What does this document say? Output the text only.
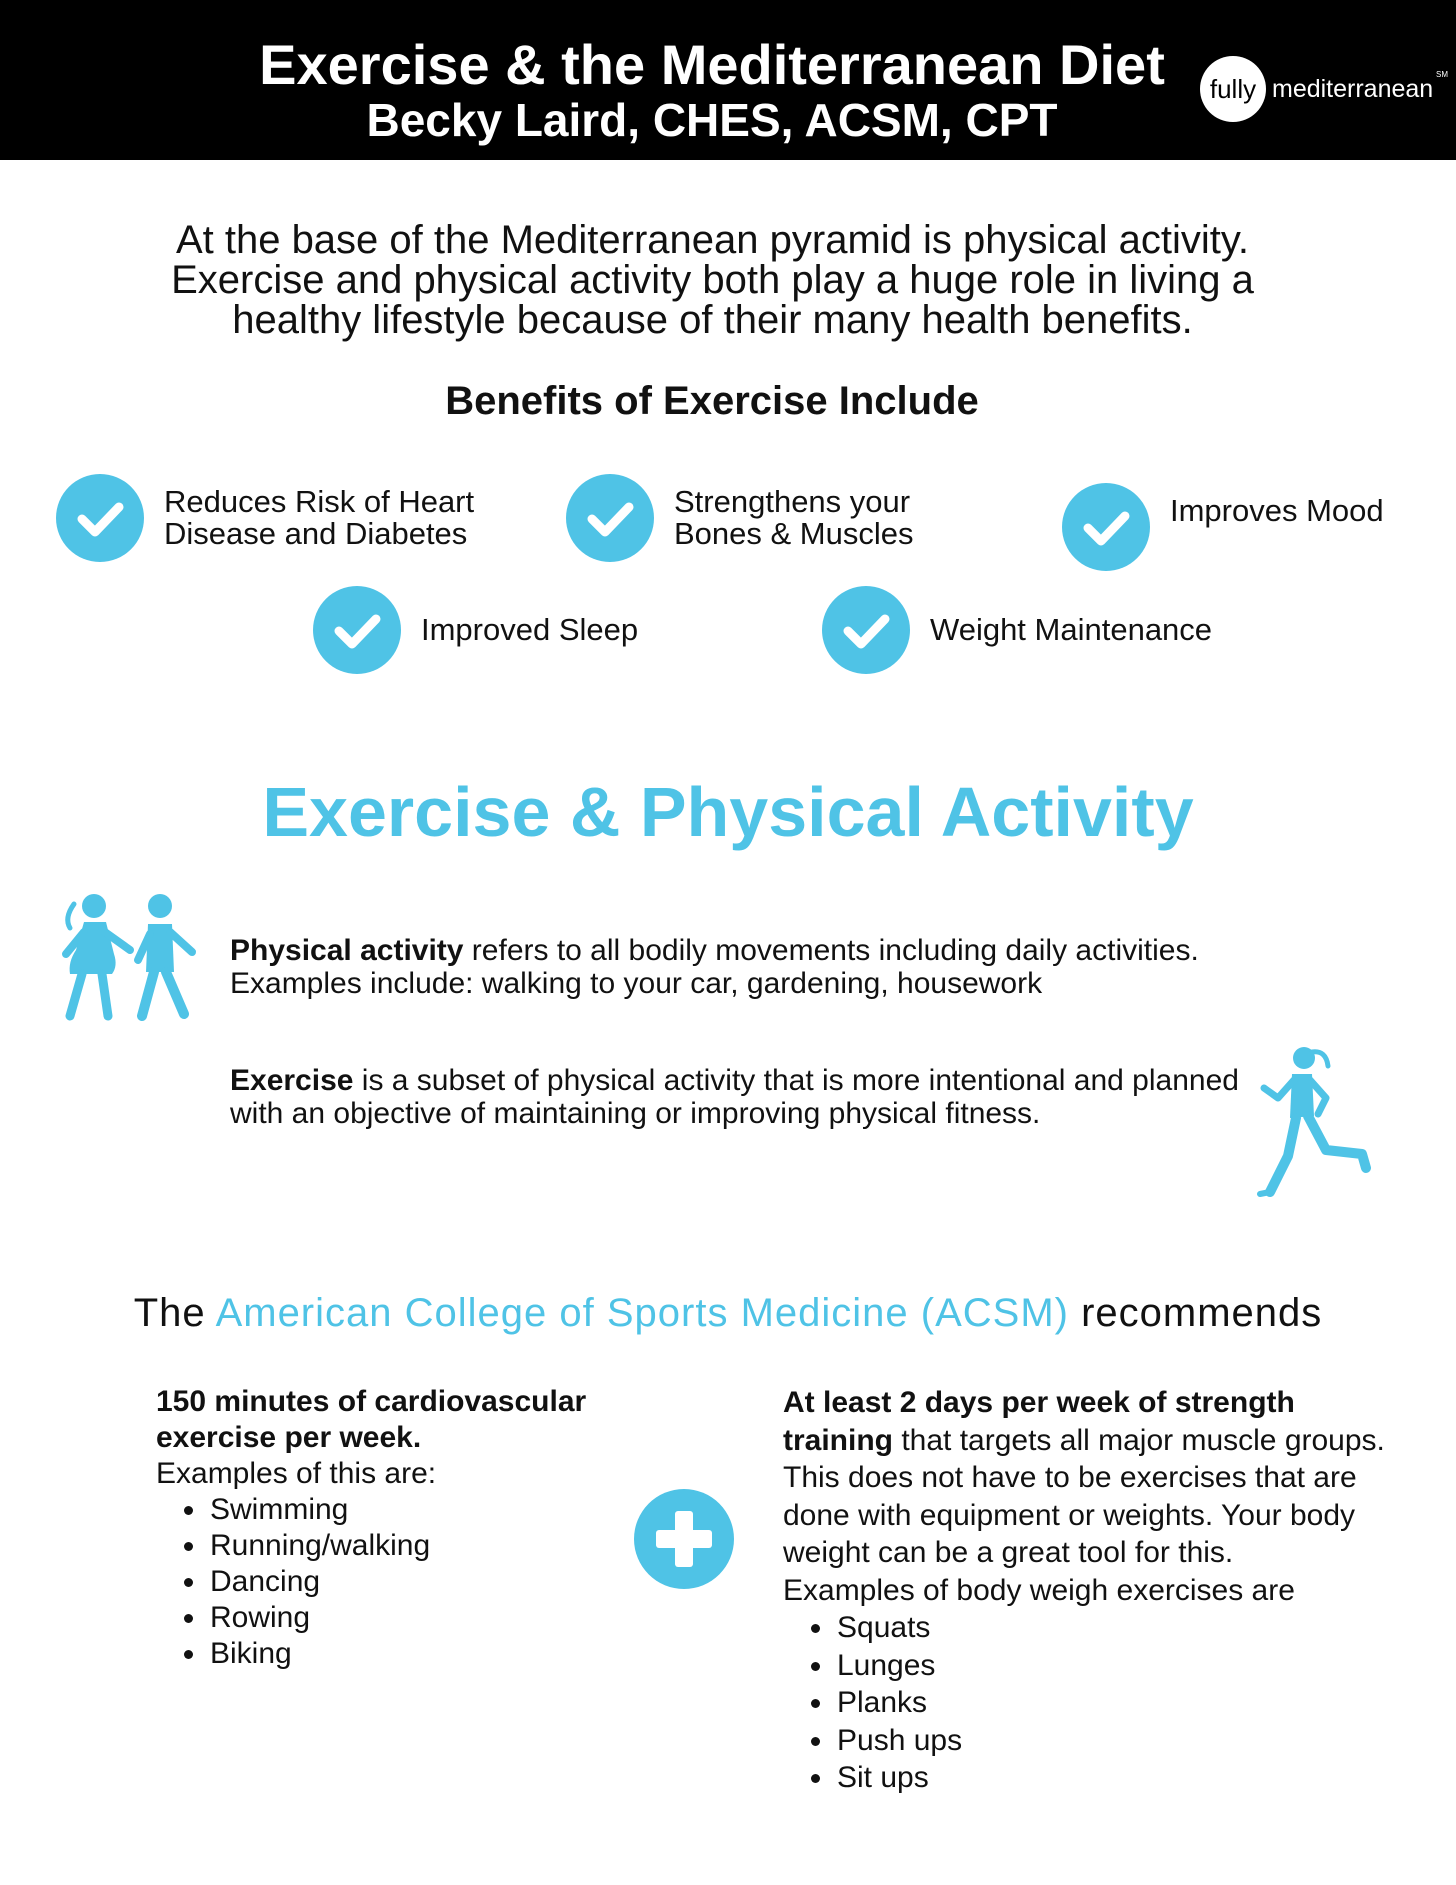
Exercise & the Mediterranean Diet
Becky Laird, CHES, ACSM, CPT
fully mediterranean
SM
At the base of the Mediterranean pyramid is physical activity.
Exercise and physical activity both play a huge role in living a
healthy lifestyle because of their many health benefits.
Benefits of Exercise Include
Reduces Risk of Heart
Disease and Diabetes
Strengthens your
Bones & Muscles
Improves Mood
Improved Sleep	Weight Maintenance
Exercise & Physical Activity
Physical activity refers to all bodily movements including daily activities. Examples include: walking to your car, gardening, housework
Exercise is a subset of physical activity that is more intentional and planned with an objective of maintaining or improving physical fitness.
The American College of Sports Medicine (ACSM) recommends
150 minutes of cardiovascular
exercise per week.
Examples of this are:
• Swimming
• Running/walking
• Dancing
• Rowing
• Biking
At least 2 days per week of strength training that targets all major muscle groups. This does not have to be exercises that are done with equipment or weights. Your body weight can be a great tool for this.
Examples of body weigh exercises are
• Squats
• Lunges
• Planks
• Push ups
• Sit ups
